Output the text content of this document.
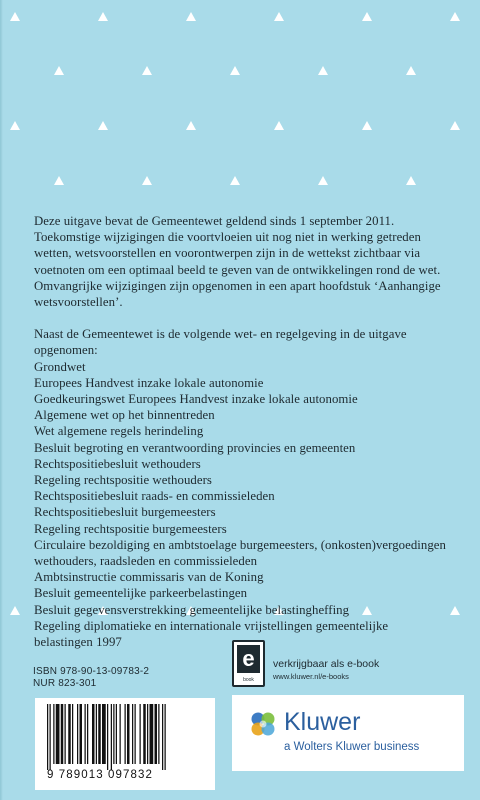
Deze uitgave bevat de Gemeentewet geldend sinds 1 september 2011.

Toekomstige wijzigingen die voortvloeien uit nog niet in werking getreden

wetten, wetsvoorstellen en voorontwerpen zijn in de wettekst zichtbaar via

voetnoten om een optimaal beeld te geven van de ontwikkelingen rond de wet.

Omvangrijke wijzigingen zijn opgenomen in een apart hoofdstuk ‘Aanhangige

wetsvoorstellen’.

Naast de Gemeentewet is de volgende wet- en regelgeving in de uitgave opgenomen:

Grondwet
Europees Handvest inzake lokale autonomie
Goedkeuringswet Europees Handvest inzake lokale autonomie
Algemene wet op het binnentreden
Wet algemene regels herindeling
Besluit begroting en verantwoording provincies en gemeenten
Rechtspositiebesluit wethouders
Regeling rechtspositie wethouders
Rechtspositiebesluit raads- en commissieleden
Rechtspositiebesluit burgemeesters
Regeling rechtspositie burgemeesters
Circulaire bezoldiging en ambtstoelage burgemeesters, (onkosten)vergoedingen
wethouders, raadsleden en commissieleden
Ambtsinstructie commissaris van de Koning
Besluit gemeentelijke parkeerbelastingen
Besluit gegevensverstrekking gemeentelijke belastingheffing
Regeling diplomatieke en internationale vrijstellingen gemeentelijke
belastingen 1997
ISBN 978-90-13-09783-2
NUR 823-301
9 789013 097832
e
book
verkrijgbaar als e-book
www.kluwer.nl/e-books
Kluwer
a Wolters Kluwer business
